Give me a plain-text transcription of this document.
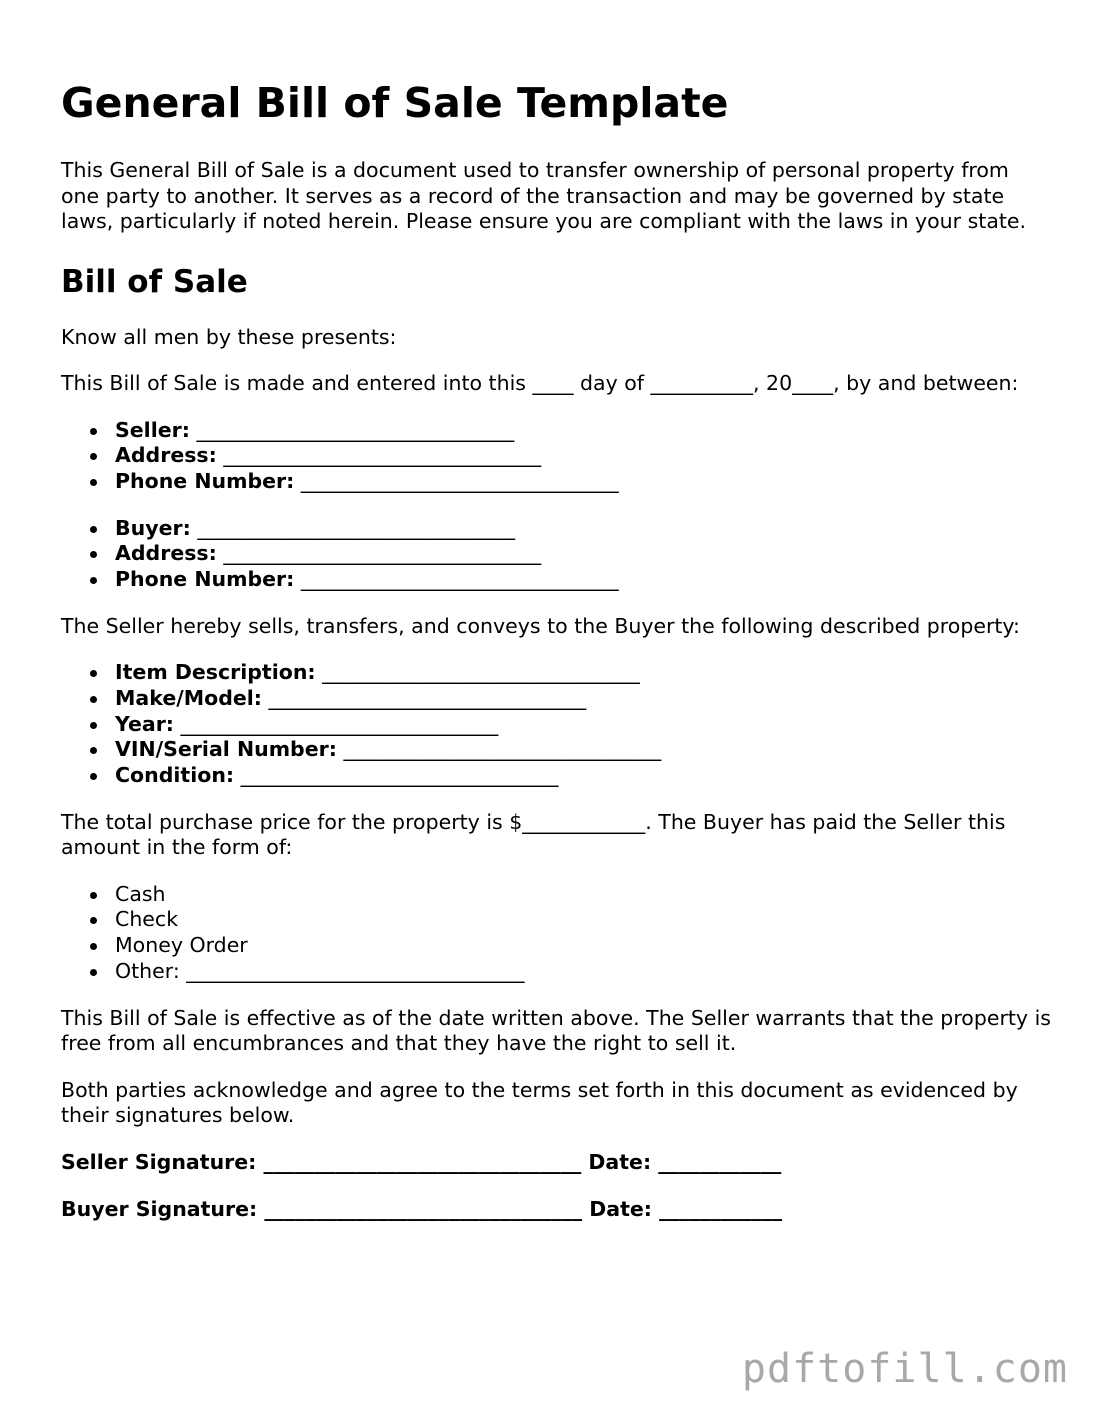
General Bill of Sale Template

This General Bill of Sale is a document used to transfer ownership of personal property from one party to another. It serves as a record of the transaction and may be governed by state laws, particularly if noted herein. Please ensure you are compliant with the laws in your state.

Bill of Sale

Know all men by these presents:

This Bill of Sale is made and entered into this ____ day of __________, 20____, by and between:

Seller: _______________________________
Address: _______________________________
Phone Number: _______________________________
Buyer: _______________________________
Address: _______________________________
Phone Number: _______________________________

The Seller hereby sells, transfers, and conveys to the Buyer the following described property:

Item Description: _______________________________
Make/Model: _______________________________
Year: _______________________________
VIN/Serial Number: _______________________________
Condition: _______________________________

The total purchase price for the property is $____________. The Buyer has paid the Seller this amount in the form of:

Cash
Check
Money Order
Other: _________________________________

This Bill of Sale is effective as of the date written above. The Seller warrants that the property is free from all encumbrances and that they have the right to sell it.

Both parties acknowledge and agree to the terms set forth in this document as evidenced by their signatures below.

Seller Signature: _______________________________ Date: ____________
Buyer Signature: _______________________________ Date: ____________
pdftofill.com
